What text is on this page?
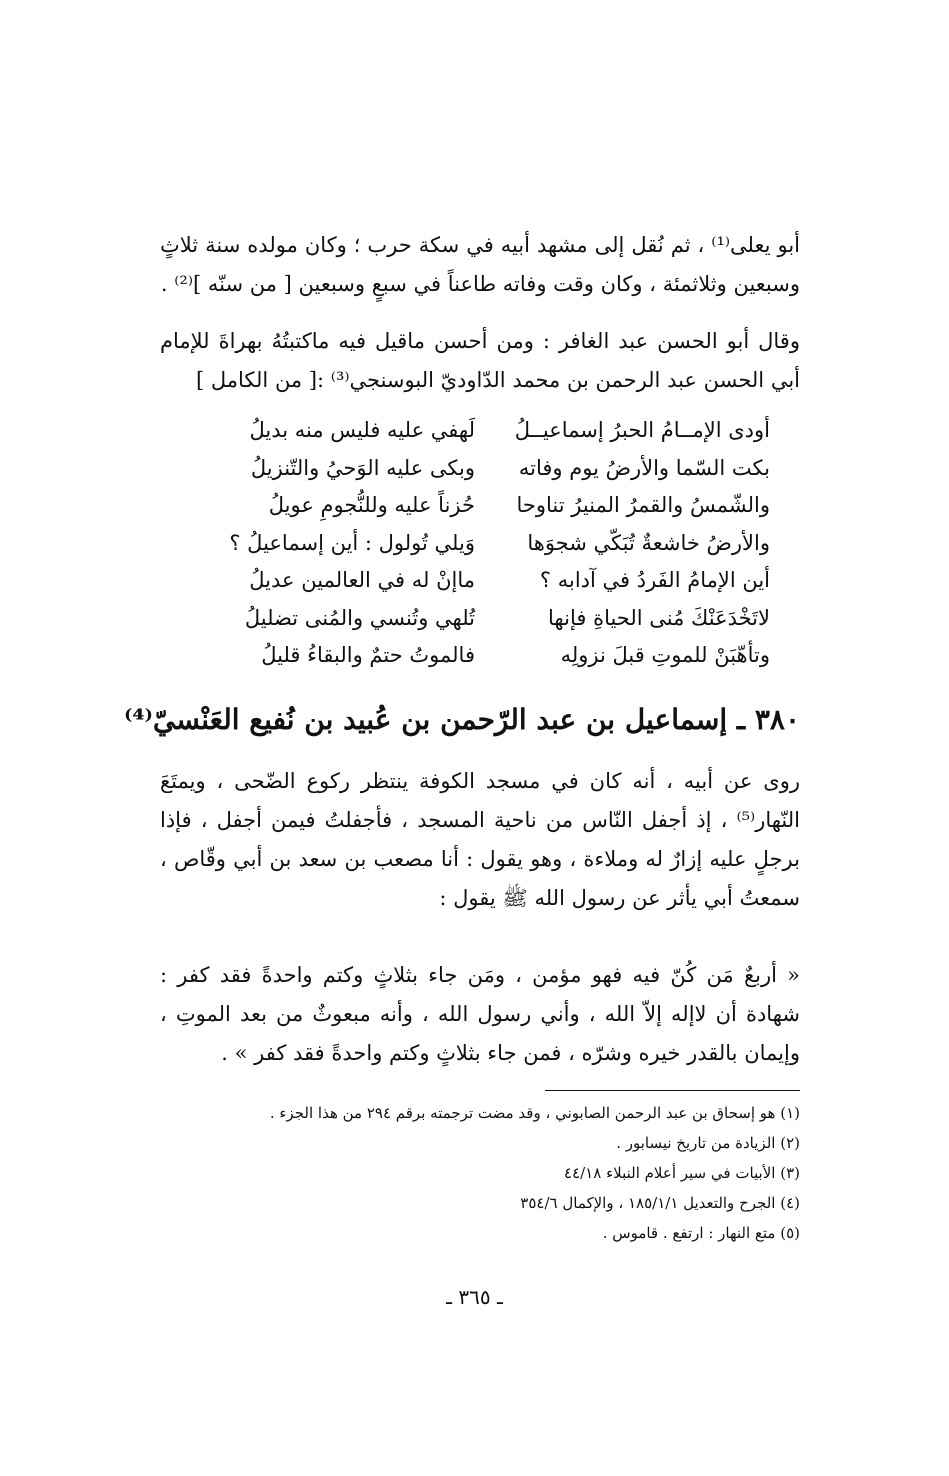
أبو يعلى⁽¹⁾ ، ثم نُقل إلى مشهد أبيه في سكة حرب ؛ وكان مولده سنة ثلاثٍ وسبعين وثلاثمئة ، وكان وقت وفاته طاعناً في سبعٍ وسبعين [ من سنّه ]⁽²⁾ .
وقال أبو الحسن عبد الغافر : ومن أحسن ماقيل فيه ماكتبتُهُ بهراةَ للإمام أبي الحسن عبد الرحمن بن محمد الدّاوديّ البوسنجي⁽³⁾ :[ من الكامل ]
أودى الإمــامُ الحبرُ إسماعيــلُ
لَهفي عليه فليس منه بديلُ
بكت السّما والأرضُ يوم وفاته
وبكى عليه الوَحيُ والتّنزيلُ
والشّمسُ والقمرُ المنيرُ تناوحا
حُزناً عليه وللنُّجومِ عويلُ
والأرضُ خاشعةٌ تُبَكّي شجوَها
وَيلي تُولول : أين إسماعيلُ ؟
أين الإمامُ الفَردُ في آدابه ؟
ماإنْ له في العالمين عديلُ
لاتَخْدَعَنْكَ مُنى الحياةِ فإنها
تُلهي وتُنسي والمُنى تضليلُ
وتأهّبَنْ للموتِ قبلَ نزولِه
فالموتُ حتمٌ والبقاءُ قليلُ
٣٨٠ ـ إسماعيل بن عبد الرّحمن بن عُبيد بن نُفيع العَنْسيّ⁽⁴⁾
روى عن أبيه ، أنه كان في مسجد الكوفة ينتظر ركوع الضّحى ، ويمتَعَ النّهار⁽⁵⁾ ، إذ أجفل النّاس من ناحية المسجد ، فأجفلتُ فيمن أجفل ، فإذا برجلٍ عليه إزارٌ له وملاءة ، وهو يقول : أنا مصعب بن سعد بن أبي وقّاص ، سمعتُ أبي يأثر عن رسول الله ﷺ يقول :
« أربعٌ مَن كُنّ فيه فهو مؤمن ، ومَن جاء بثلاثٍ وكتم واحدةً فقد كفر : شهادة أن لاإله إلاّ الله ، وأني رسول الله ، وأنه مبعوثٌ من بعد الموتِ ، وإيمان بالقدر خيره وشرّه ، فمن جاء بثلاثٍ وكتم واحدةً فقد كفر » .
(١) هو إسحاق بن عبد الرحمن الصابوني ، وقد مضت ترجمته برقم ٢٩٤ من هذا الجزء .
(٢) الزيادة من تاريخ نيسابور .
(٣) الأبيات في سير أعلام النبلاء ٤٤/١٨
(٤) الجرح والتعديل ١٨٥/١/١ ، والإكمال ٣٥٤/٦
(٥) متع النهار : ارتفع . قاموس .
ـ ٣٦٥ ـ
